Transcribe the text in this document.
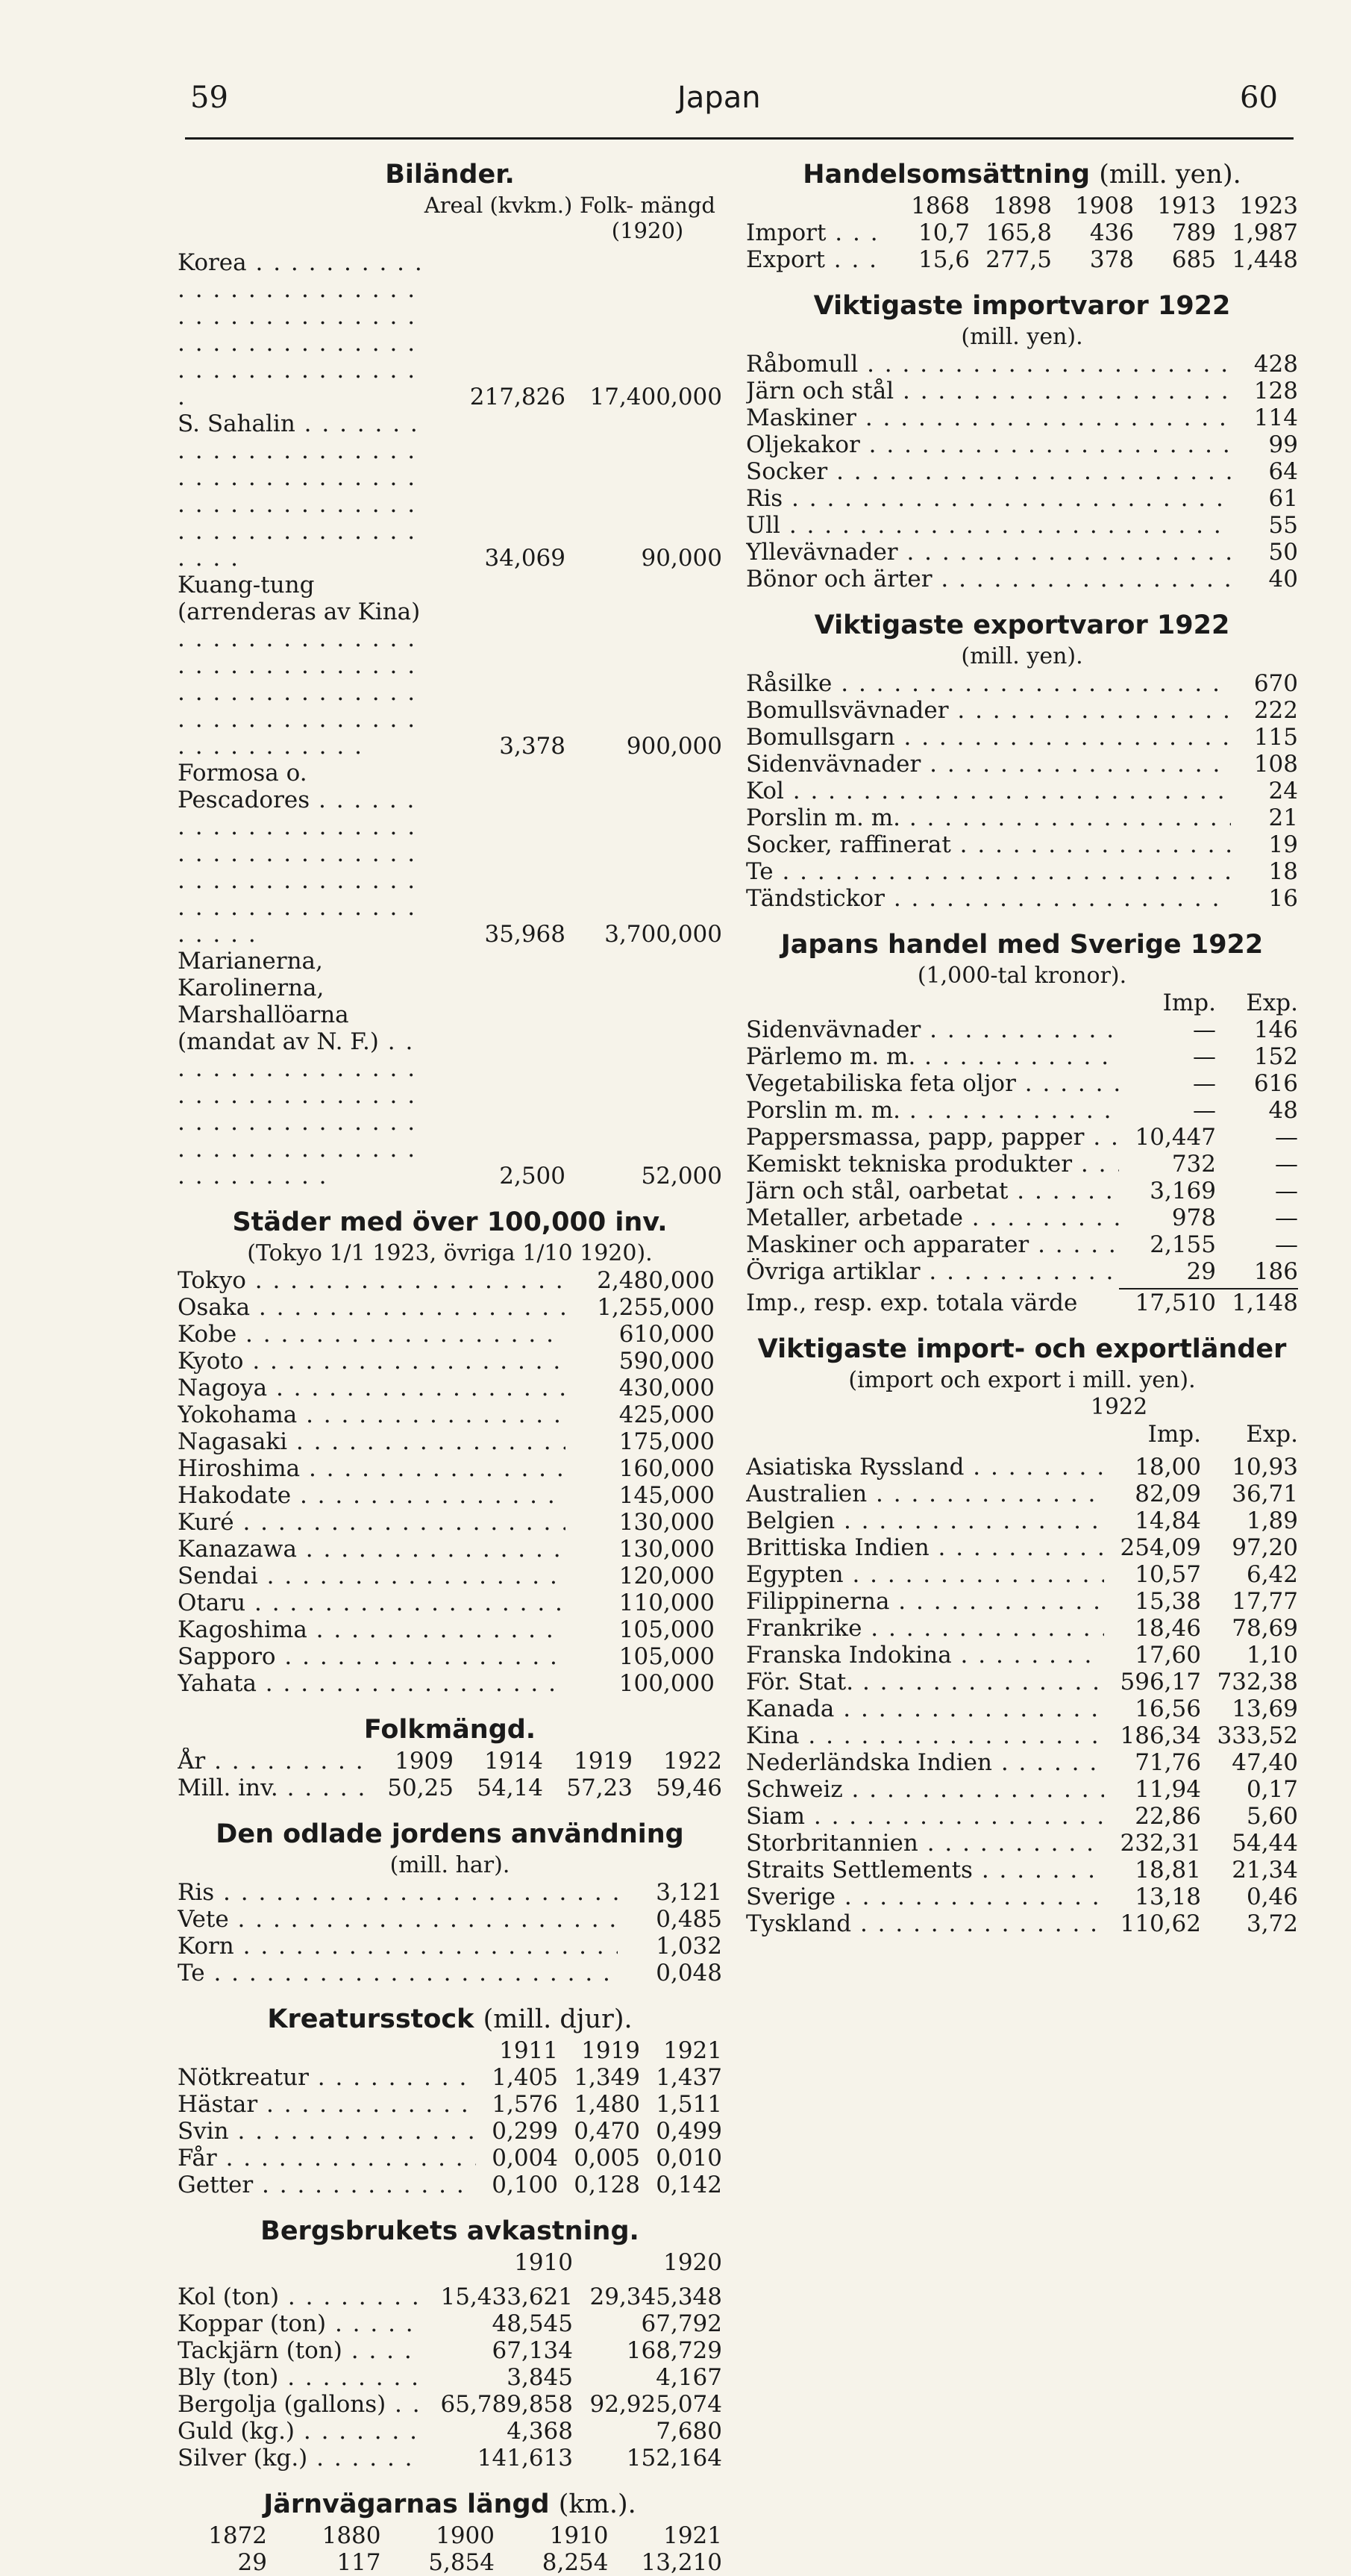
59	Japan	60
Biländer.
Areal (kvkm.) Folk- mängd (1920)
Korea . . .
217,826	17,400,000
S. Sahalin . . .
34,069	90,000
Kuang-tung (arrenderas av Kina) . . .
3,378	900,000
Formosa o. Pescadores . . .
35,968	3,700,000
Marianerna, Karolinerna, Marshallöarna (mandat av N. F.) . . .
2,500	52,000
Städer med över 100,000 inv.
(Tokyo 1/1 1923, övriga 1/10 1920).
Tokyo . . .	2,480,000
Osaka . . .	1,255,000
Kobe . . .	610,000
Kyoto . . .	590,000
Nagoya . . .	430,000
Yokohama . . .	425,000
Nagasaki . . .	175,000
Hiroshima . . .	160,000
Hakodate . . .	145,000
Kuré . . .	130,000
Kanazawa . . .	130,000
Sendai . . .	120,000
Otaru . . .	110,000
Kagoshima . . .	105,000
Sapporo . . .	105,000
Yahata . . .	100,000
Folkmängd.
År . . .	1909	1914	1919	1922
Mill. inv. . . .	50,25	54,14	57,23	59,46
Den odlade jordens användning
(mill. har).
Ris . . .	3,121
Vete . . .	0,485
Korn . . .	1,032
Te . . .	0,048
Kreatursstock (mill. djur).
1911	1919	1921
Nötkreatur . . .	1,405 1,349 1,437
Hästar . . .	1,576 1,480 1,511
Svin . . .	0,299 0,470 0,499
Får . . .	0,004 0,005 0,010
Getter . . .	0,100 0,128 0,142
Bergsbrukets avkastning.
1910	1920
Kol (ton) . . .	15,433,621 29,345,348
Koppar (ton) . . .	48,545	67,792
Tackjärn (ton) . . .	67,134	168,729
Bly (ton) . . .	3,845	4,167
Bergolja (gallons) . . .	65,789,858 92,925,074
Guld (kg.) . . .	4,368	7,680
Silver (kg.) . . .	141,613	152,164
Järnvägarnas längd (km.).
1872	1880	1900	1910	1921
29	117	5,854	8,254	13,210
Handelsomsättning (mill. yen).
1868	1898	1908	1913	1923
Import . . .	10,7 165,8	436	789 1,987
Export . . .	15,6 277,5	378	685 1,448
Viktigaste importvaror 1922
(mill. yen).
Råbomull . . .	428
Järn och stål . . .	128
Maskiner . . .	114
Oljekakor . . .	99
Socker . . .	64
Ris . . .	61
Ull . . .	55
Yllevävnader . . .	50
Bönor och ärter . . .	40
Viktigaste exportvaror 1922
(mill. yen).
Råsilke . . .	670
Bomullsvävnader . . .	222
Bomullsgarn . . .	115
Sidenvävnader . . .	108
Kol . . .	24
Porslin m. m. . . .	21
Socker, raffinerat . . .	19
Te . . .	18
Tändstickor . . .	16
Japans handel med Sverige 1922
(1,000-tal kronor).
Imp.	Exp.
Sidenvävnader . . .	—	146
Pärlemo m. m. . . .	—	152
Vegetabiliska feta oljor . . .	—	616
Porslin m. m. . . .	—	48
Pappersmassa, papp, papper . . .	10,447	—
Kemiskt tekniska produkter . . .	732	—
Järn och stål, oarbetat . . .	3,169	—
Metaller, arbetade . . .	978	—
Maskiner och apparater . . .	2,155	—
Övriga artiklar . . .	29	186
Imp., resp. exp. totala värde	17,510 1,148
Viktigaste import- och exportländer
(import och export i mill. yen).
1922
Imp.	Exp.
Asiatiska Ryssland . . .	18,00	10,93
Australien . . .	82,09	36,71
Belgien . . .	14,84	1,89
Brittiska Indien . . .	254,09	97,20
Egypten . . .	10,57	6,42
Filippinerna . . .	15,38	17,77
Frankrike . . .	18,46	78,69
Franska Indokina . . .	17,60	1,10
För. Stat. . . .	596,17 732,38
Kanada . . .	16,56	13,69
Kina . . .	186,34 333,52
Nederländska Indien . . .	71,76	47,40
Schweiz . . .	11,94	0,17
Siam . . .	22,86	5,60
Storbritannien . . .	232,31	54,44
Straits Settlements . . .	18,81	21,34
Sverige . . .	13,18	0,46
Tyskland . . .	110,62	3,72
